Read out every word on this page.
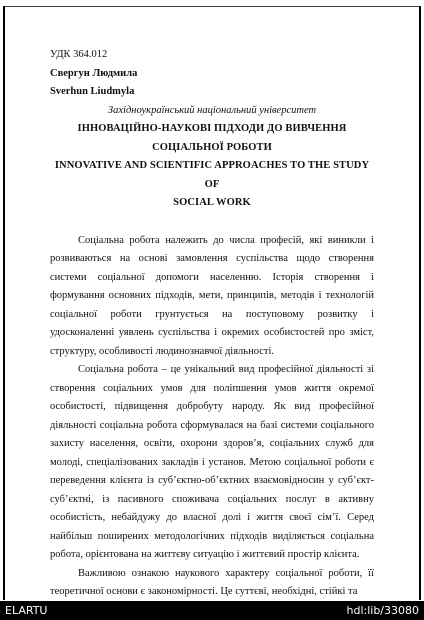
УДК 364.012

Свергун Людмила

Sverhun Liudmyla

Західноукраїнський національний університет

ІННОВАЦІЙНО-НАУКОВІ ПІДХОДИ ДО ВИВЧЕННЯ

СОЦІАЛЬНОЇ РОБОТИ

INNOVATIVE AND SCIENTIFIC APPROACHES TO THE STUDY OF

SOCIAL WORK

Соціальна робота належить до числа професій, які виникли і розвиваються на основі замовлення суспільства щодо створення системи соціальної допомоги населенню. Історія створення і формування основних підходів, мети, принципів, методів і технологій соціальної роботи грунтується на поступовому розвитку і удосконаленні уявлень суспільства і окремих особистостей про зміст, структуру, особливості людинознавчої діяльності.

Соціальна робота – це унікальний вид професійної діяльності зі створення соціальних умов для поліпшення умов життя окремої особистості, підвищення добробуту народу. Як вид професійної діяльності соціальна робота сформувалася на базі системи соціального захисту населення, освіти, охорони здоров’я, соціальних служб для молоді, спеціалізованих закладів і установ. Метою соціальної роботи є переведення клієнта із суб’єктно-об’єктних взаємовідносин у суб’єкт-суб’єктні, із пасивного споживача соціальних послуг в активну особистість, небайдужу до власної долі і життя своєї сім’ї. Серед найбільш поширених методологічних підходів виділяється соціальна робота, орієнтована на життєву ситуацію і життєвий простір клієнта.

Важливою ознакою наукового характеру соціальної роботи, її теоретичної основи є закономірності. Це суттєві, необхідні, стійкі та

ELARTU	hdl:lib/33080
